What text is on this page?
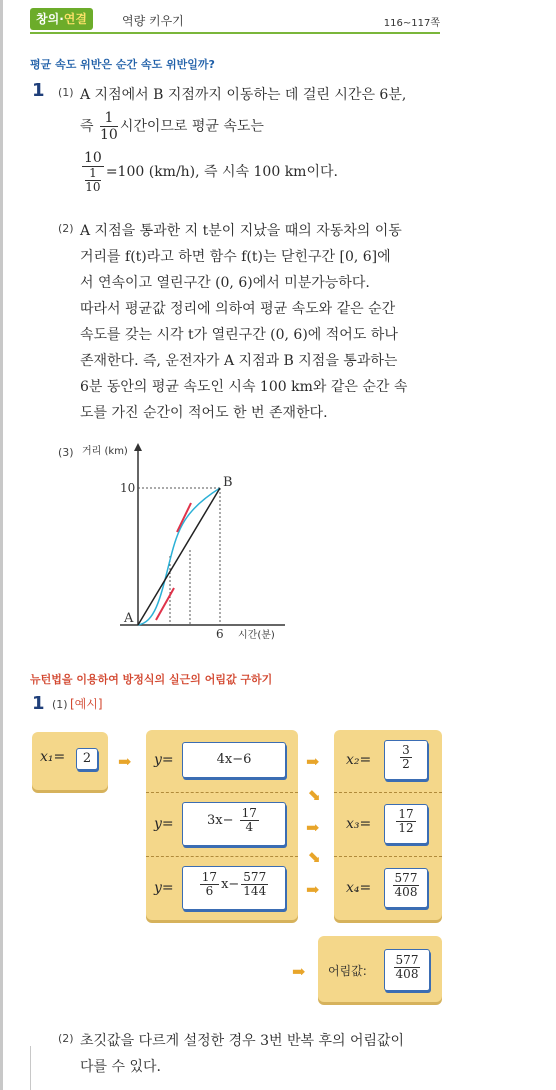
창의·연결	역량 키우기	116~117쪽
평균 속도 위반은 순간 속도 위반일까?
1 (1) A 지점에서 B 지점까지 이동하는 데 걸린 시간은 6분,
즉 $\frac{1}{10}$ 시간이므로 평균 속도는
$\frac{10}{\frac{1}{10}} =100$ (km/h), 즉 시속 100 km이다.
(2) A 지점을 통과한 지 t분이 지났을 때의 자동차의 이동
거리를 f(t)라고 하면 함수 f(t)는 닫힌구간 [0, 6]에
서 연속이고 열린구간 (0, 6)에서 미분가능하다.
따라서 평균값 정리에 의하여 평균 속도와 같은 순간
속도를 갖는 시각 t가 열린구간 (0, 6)에 적어도 하나
존재한다. 즉, 운전자가 A 지점과 B 지점을 통과하는
6분 동안의 평균 속도인 시속 100 km와 같은 순간 속
도를 가진 순간이 적어도 한 번 존재한다.
(3) 거리 (km)
10
6 시간(분)
A
B
뉴턴법을 이용하여 방정식의 실근의 어림값 구하기
1 (1) [예시]
x₁=	2	➡ y=	4x−6
y=	$3x- \frac{17}{4}$
$y= \frac{17}{6} x- \frac{577}{144}$
➡
➡
➡
➡
➡
$x_2= \frac{3}{2}$
$x_3= \frac{17}{12}$
$x_4= \frac{577}{408}$
➡ 어림값: $\frac{577}{408}$
(2) 초깃값을 다르게 설정한 경우 3번 반복 후의 어림값이
다를 수 있다.
